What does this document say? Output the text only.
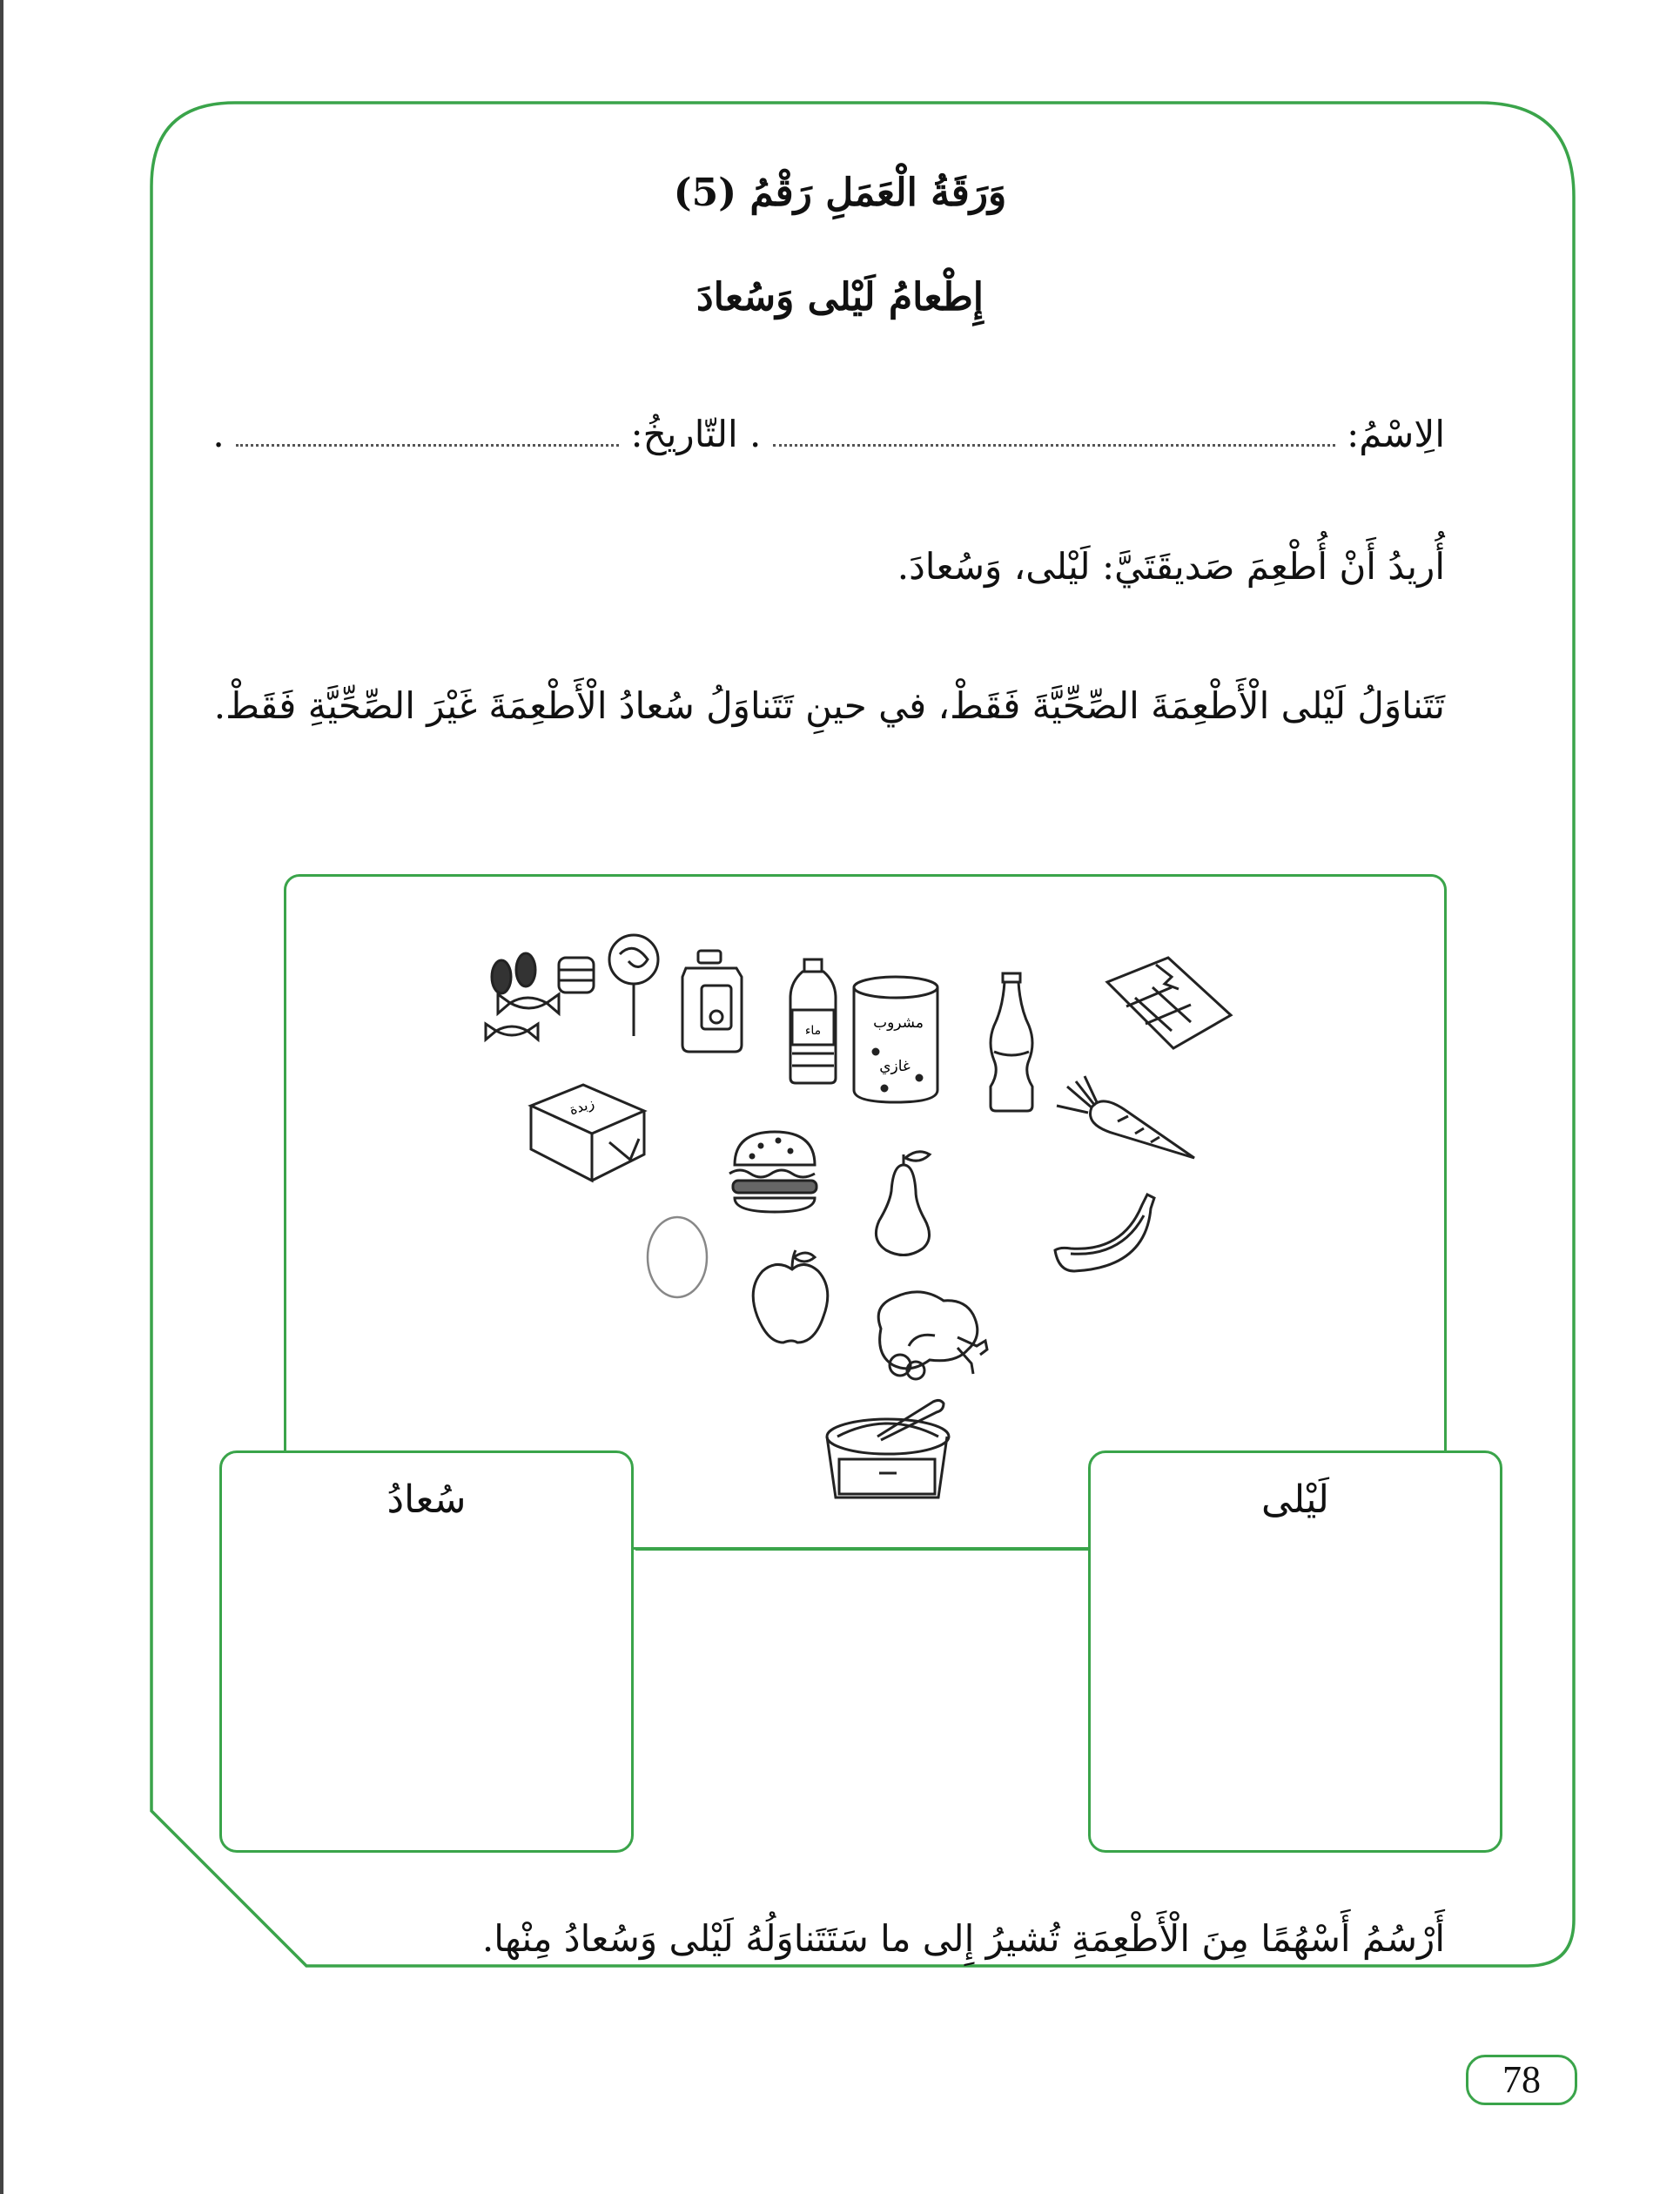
وَرَقَةُ الْعَمَلِ رَقْمُ (5)
إِطْعامُ لَيْلى وَسُعادَ
الِاسْمُ:  . التّاريخُ:  .
أُريدُ أَنْ أُطْعِمَ صَديقَتَيَّ: لَيْلى، وَسُعادَ.
تَتَناوَلُ لَيْلى الْأَطْعِمَةَ الصِّحِّيَّةَ فَقَطْ، في حينِ تَتَناوَلُ سُعادُ الْأَطْعِمَةَ غَيْرَ الصِّحِّيَّةِ فَقَطْ.
ماء	مشروب
غازي
زبدة
سُعادُ	لَيْلى
أَرْسُمُ أَسْهُمًا مِنَ الْأَطْعِمَةِ تُشيرُ إِلى ما سَتَتَناوَلُهُ لَيْلى وَسُعادُ مِنْها.
78
